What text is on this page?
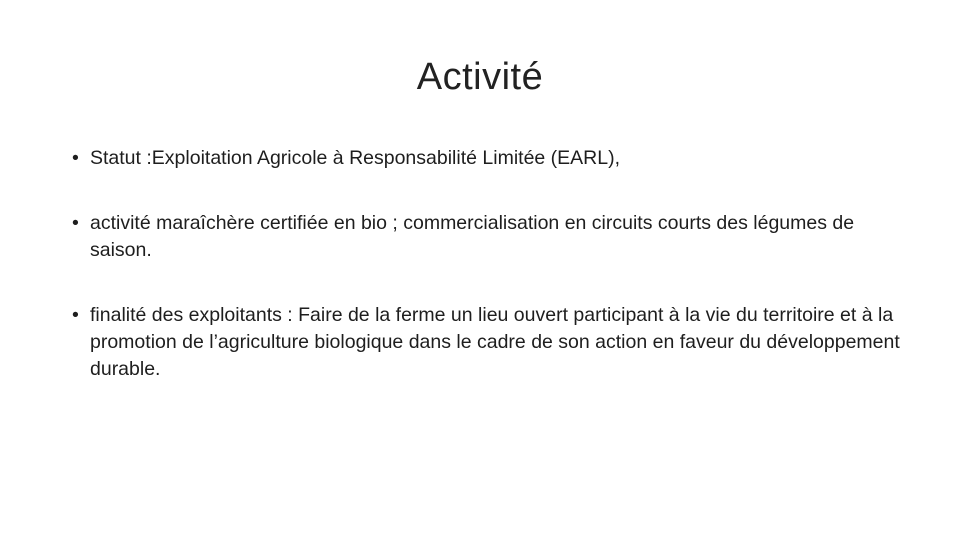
Activité
• Statut :Exploitation Agricole à Responsabilité Limitée (EARL),
• activité maraîchère certifiée en bio ; commercialisation en circuits courts des légumes de saison.
• finalité des exploitants : Faire de la ferme un lieu ouvert participant à la vie du territoire et à la promotion de l’agriculture biologique dans le cadre de son action en faveur du développement durable.
